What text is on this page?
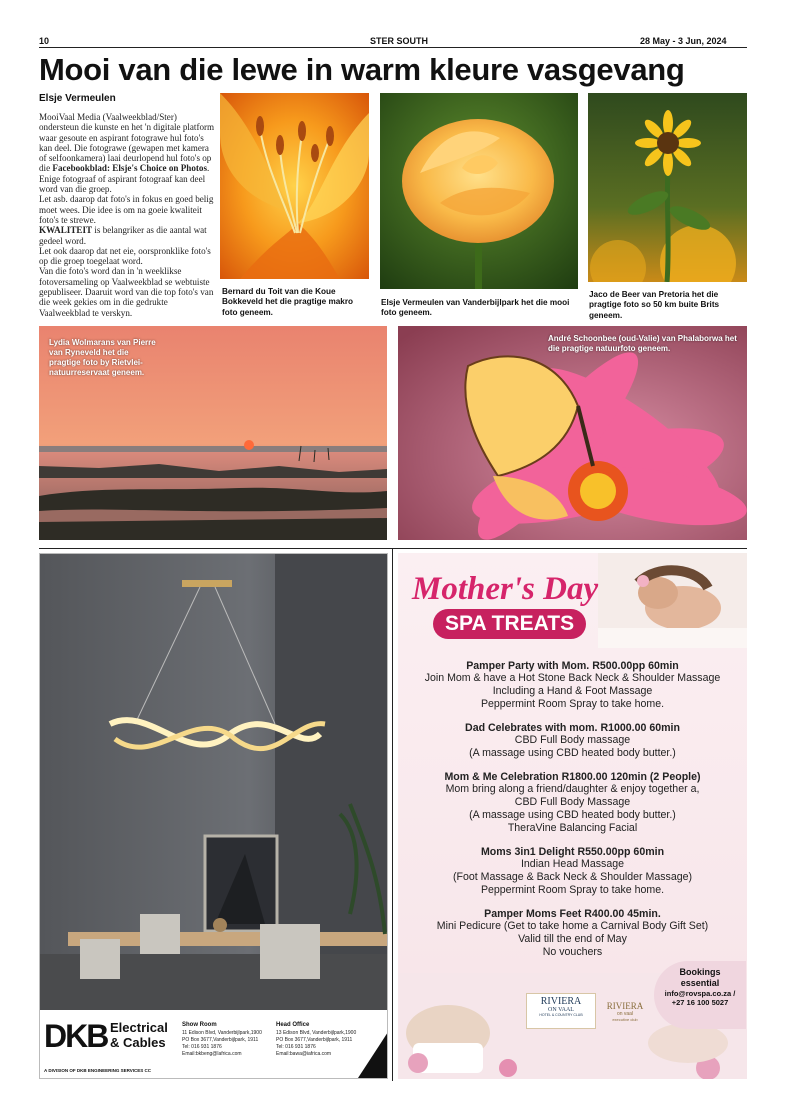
10	STER SOUTH	28 May - 3 Jun, 2024
Mooi van die lewe in warm kleure vasgevang
Elsje Vermeulen
MooiVaal Media (Vaalweekblad/Ster) ondersteun die kunste en het 'n digitale platform waar gesoute en aspirant fotograwe hul foto's kan deel. Die fotograwe (gewapen met kamera of selfoonkamera) laai deurlopend hul foto's op die Facebookblad: Elsje's Choice on Photos.
Enige fotograaf of aspirant fotograaf kan deel word van die groep.
Let asb. daarop dat foto's in fokus en goed belig moet wees. Die idee is om na goeie kwaliteit foto's te strewe.
KWALITEIT is belangriker as die aantal wat gedeel word.
Let ook daarop dat net eie, oorspronklike foto's op die groep toegelaat word.
Van die foto's word dan in 'n weeklikse fotoversameling op Vaalweekblad se webtuiste gepubliseer. Daaruit word van die top foto's van die week gekies om in die gedrukte Vaalweekblad te verskyn.
Bernard du Toit van die Koue Bokkeveld het die pragtige makro foto geneem.
Elsje Vermeulen van Vanderbijlpark het die mooi foto geneem.
Jaco de Beer van Pretoria het die pragtige foto so 50 km buite Brits geneem.
Lydia Wolmarans van Pierre van Ryneveld het die pragtige foto by Rietvlei-natuurreservaat geneem.
André Schoonbee (oud-Valie) van Phalaborwa het die pragtige natuurfoto geneem.
DKB Electrical
& Cables
A DIVISION OF DKB ENGINEERING SERVICES CC
Show Room
11 Edison Blvd, Vanderbijlpark,1900
PO Box 3677,Vanderbijlpark, 1911
Tel: 016 931 1876
Email:bkbeng@lafrica.com
Head Office
13 Edison Blvd, Vanderbijlpark,1900
PO Box 3677,Vanderbijlpark, 1911
Tel: 016 931 1876
Email:bawa@iafrica.com
Mother's Day
SPA TREATS
Pamper Party with Mom. R500.00pp 60min
Join Mom & have a Hot Stone Back Neck & Shoulder Massage
Including a Hand & Foot Massage
Peppermint Room Spray to take home.
Dad Celebrates with mom. R1000.00 60min
CBD Full Body massage
(A massage using CBD heated body butter.)
Mom & Me Celebration R1800.00 120min (2 People)
Mom bring along a friend/daughter & enjoy together a,
CBD Full Body Massage
(A massage using CBD heated body butter.)
TheraVine Balancing Facial
Moms 3in1 Delight R550.00pp 60min
Indian Head Massage
(Foot Massage & Back Neck & Shoulder Massage)
Peppermint Room Spray to take home.
Pamper Moms Feet R400.00 45min.
Mini Pedicure (Get to take home a Carnival Body Gift Set)
Valid till the end of May
No vouchers
Bookings essential
info@rovspa.co.za /
+27 16 100 5027
RIVIERA
ON VAAL
HOTEL & COUNTRY CLUB
RIVIERA
on vaal
executive club
